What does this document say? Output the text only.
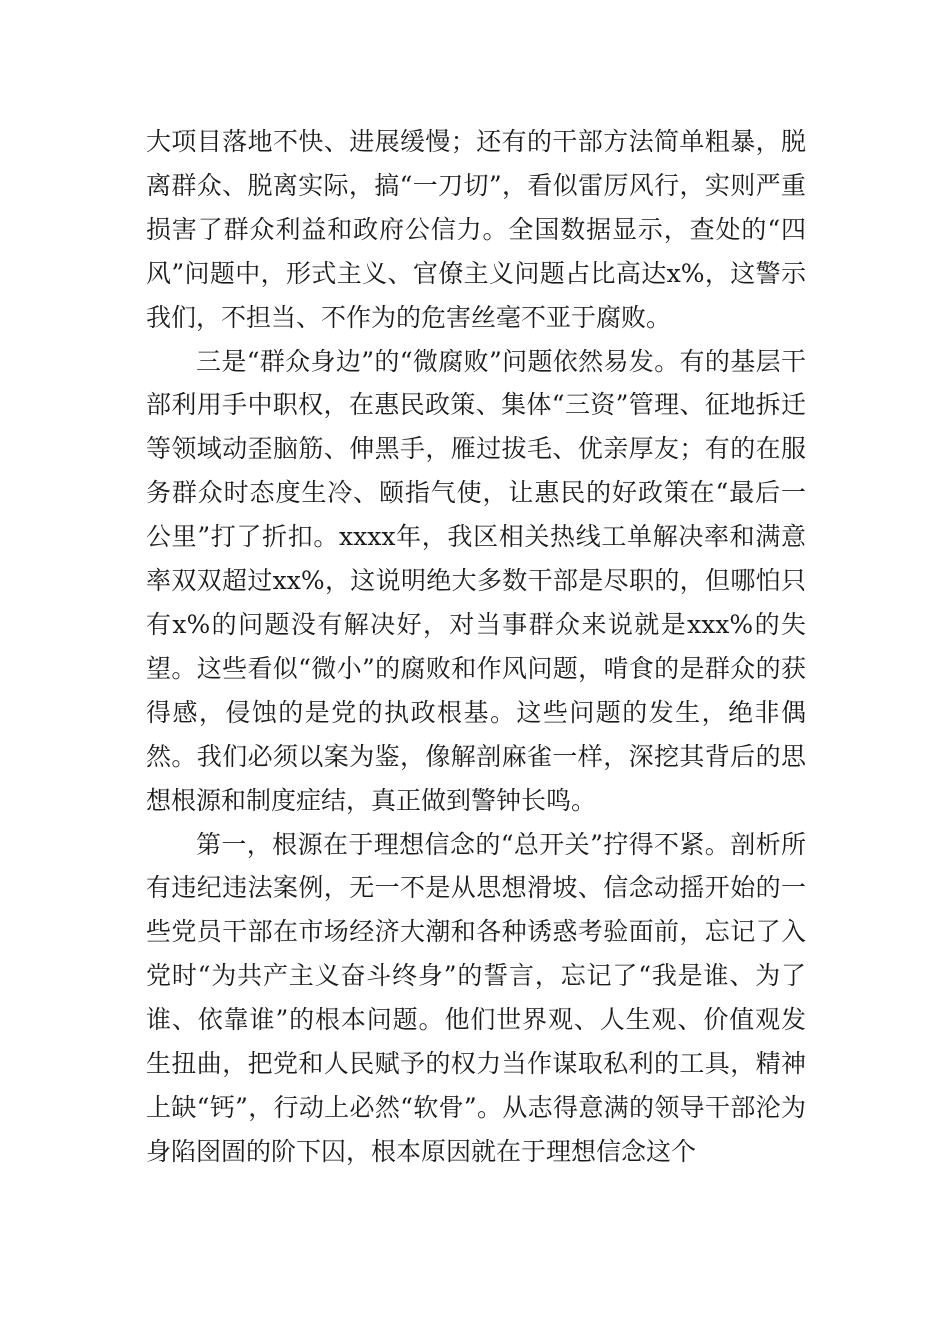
大项目落地不快、进展缓慢；还有的干部方法简单粗暴，脱离群众、脱离实际，搞“一刀切”，看似雷厉风行，实则严重损害了群众利益和政府公信力。全国数据显示，查处的“四风”问题中，形式主义、官僚主义问题占比高达x%，这警示我们，不担当、不作为的危害丝毫不亚于腐败。

三是“群众身边”的“微腐败”问题依然易发。有的基层干部利用手中职权，在惠民政策、集体“三资”管理、征地拆迁等领域动歪脑筋、伸黑手，雁过拔毛、优亲厚友；有的在服务群众时态度生冷、颐指气使，让惠民的好政策在“最后一公里”打了折扣。xxxx年，我区相关热线工单解决率和满意率双双超过xx%，这说明绝大多数干部是尽职的，但哪怕只有x%的问题没有解决好，对当事群众来说就是xxx%的失望。这些看似“微小”的腐败和作风问题，啃食的是群众的获得感，侵蚀的是党的执政根基。这些问题的发生，绝非偶然。我们必须以案为鉴，像解剖麻雀一样，深挖其背后的思想根源和制度症结，真正做到警钟长鸣。

第一，根源在于理想信念的“总开关”拧得不紧。剖析所有违纪违法案例，无一不是从思想滑坡、信念动摇开始的一些党员干部在市场经济大潮和各种诱惑考验面前，忘记了入党时“为共产主义奋斗终身”的誓言，忘记了“我是谁、为了谁、依靠谁”的根本问题。他们世界观、人生观、价值观发生扭曲，把党和人民赋予的权力当作谋取私利的工具，精神上缺“钙”，行动上必然“软骨”。从志得意满的领导干部沦为身陷囹圄的阶下囚，根本原因就在于理想信念这个
